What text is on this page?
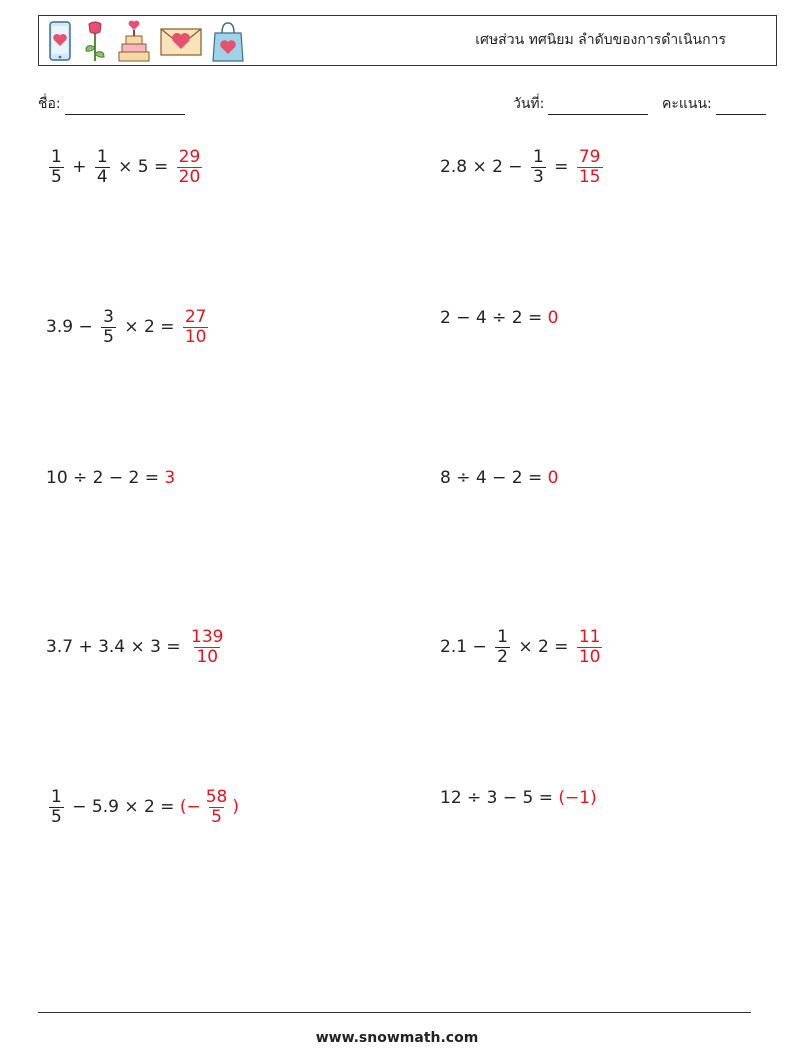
เศษส่วน ทศนิยม ลำดับของการดำเนินการ
ชื่อ:	วันที่:	คะแนน:
$\frac{1}{5} + \frac{1}{4} \times 5 = \frac{29}{20}$	$2.8 \times 2 - \frac{1}{3} = \frac{79}{15}$
$3.9 - \frac{3}{5} \times 2 = \frac{27}{10}$	2 − 4 ÷ 2 = 0
10 ÷ 2 − 2 = 3	8 ÷ 4 − 2 = 0
$3.7 + 3.4 \times 3 = \frac{139}{10}$	$2.1 - \frac{1}{2} \times 2 = \frac{11}{10}$
$\frac{1}{5} - 5.9 \times 2$ = (− $\frac{58}{5}$ )	12 ÷ 3 − 5 = (−1)
www.snowmath.com
